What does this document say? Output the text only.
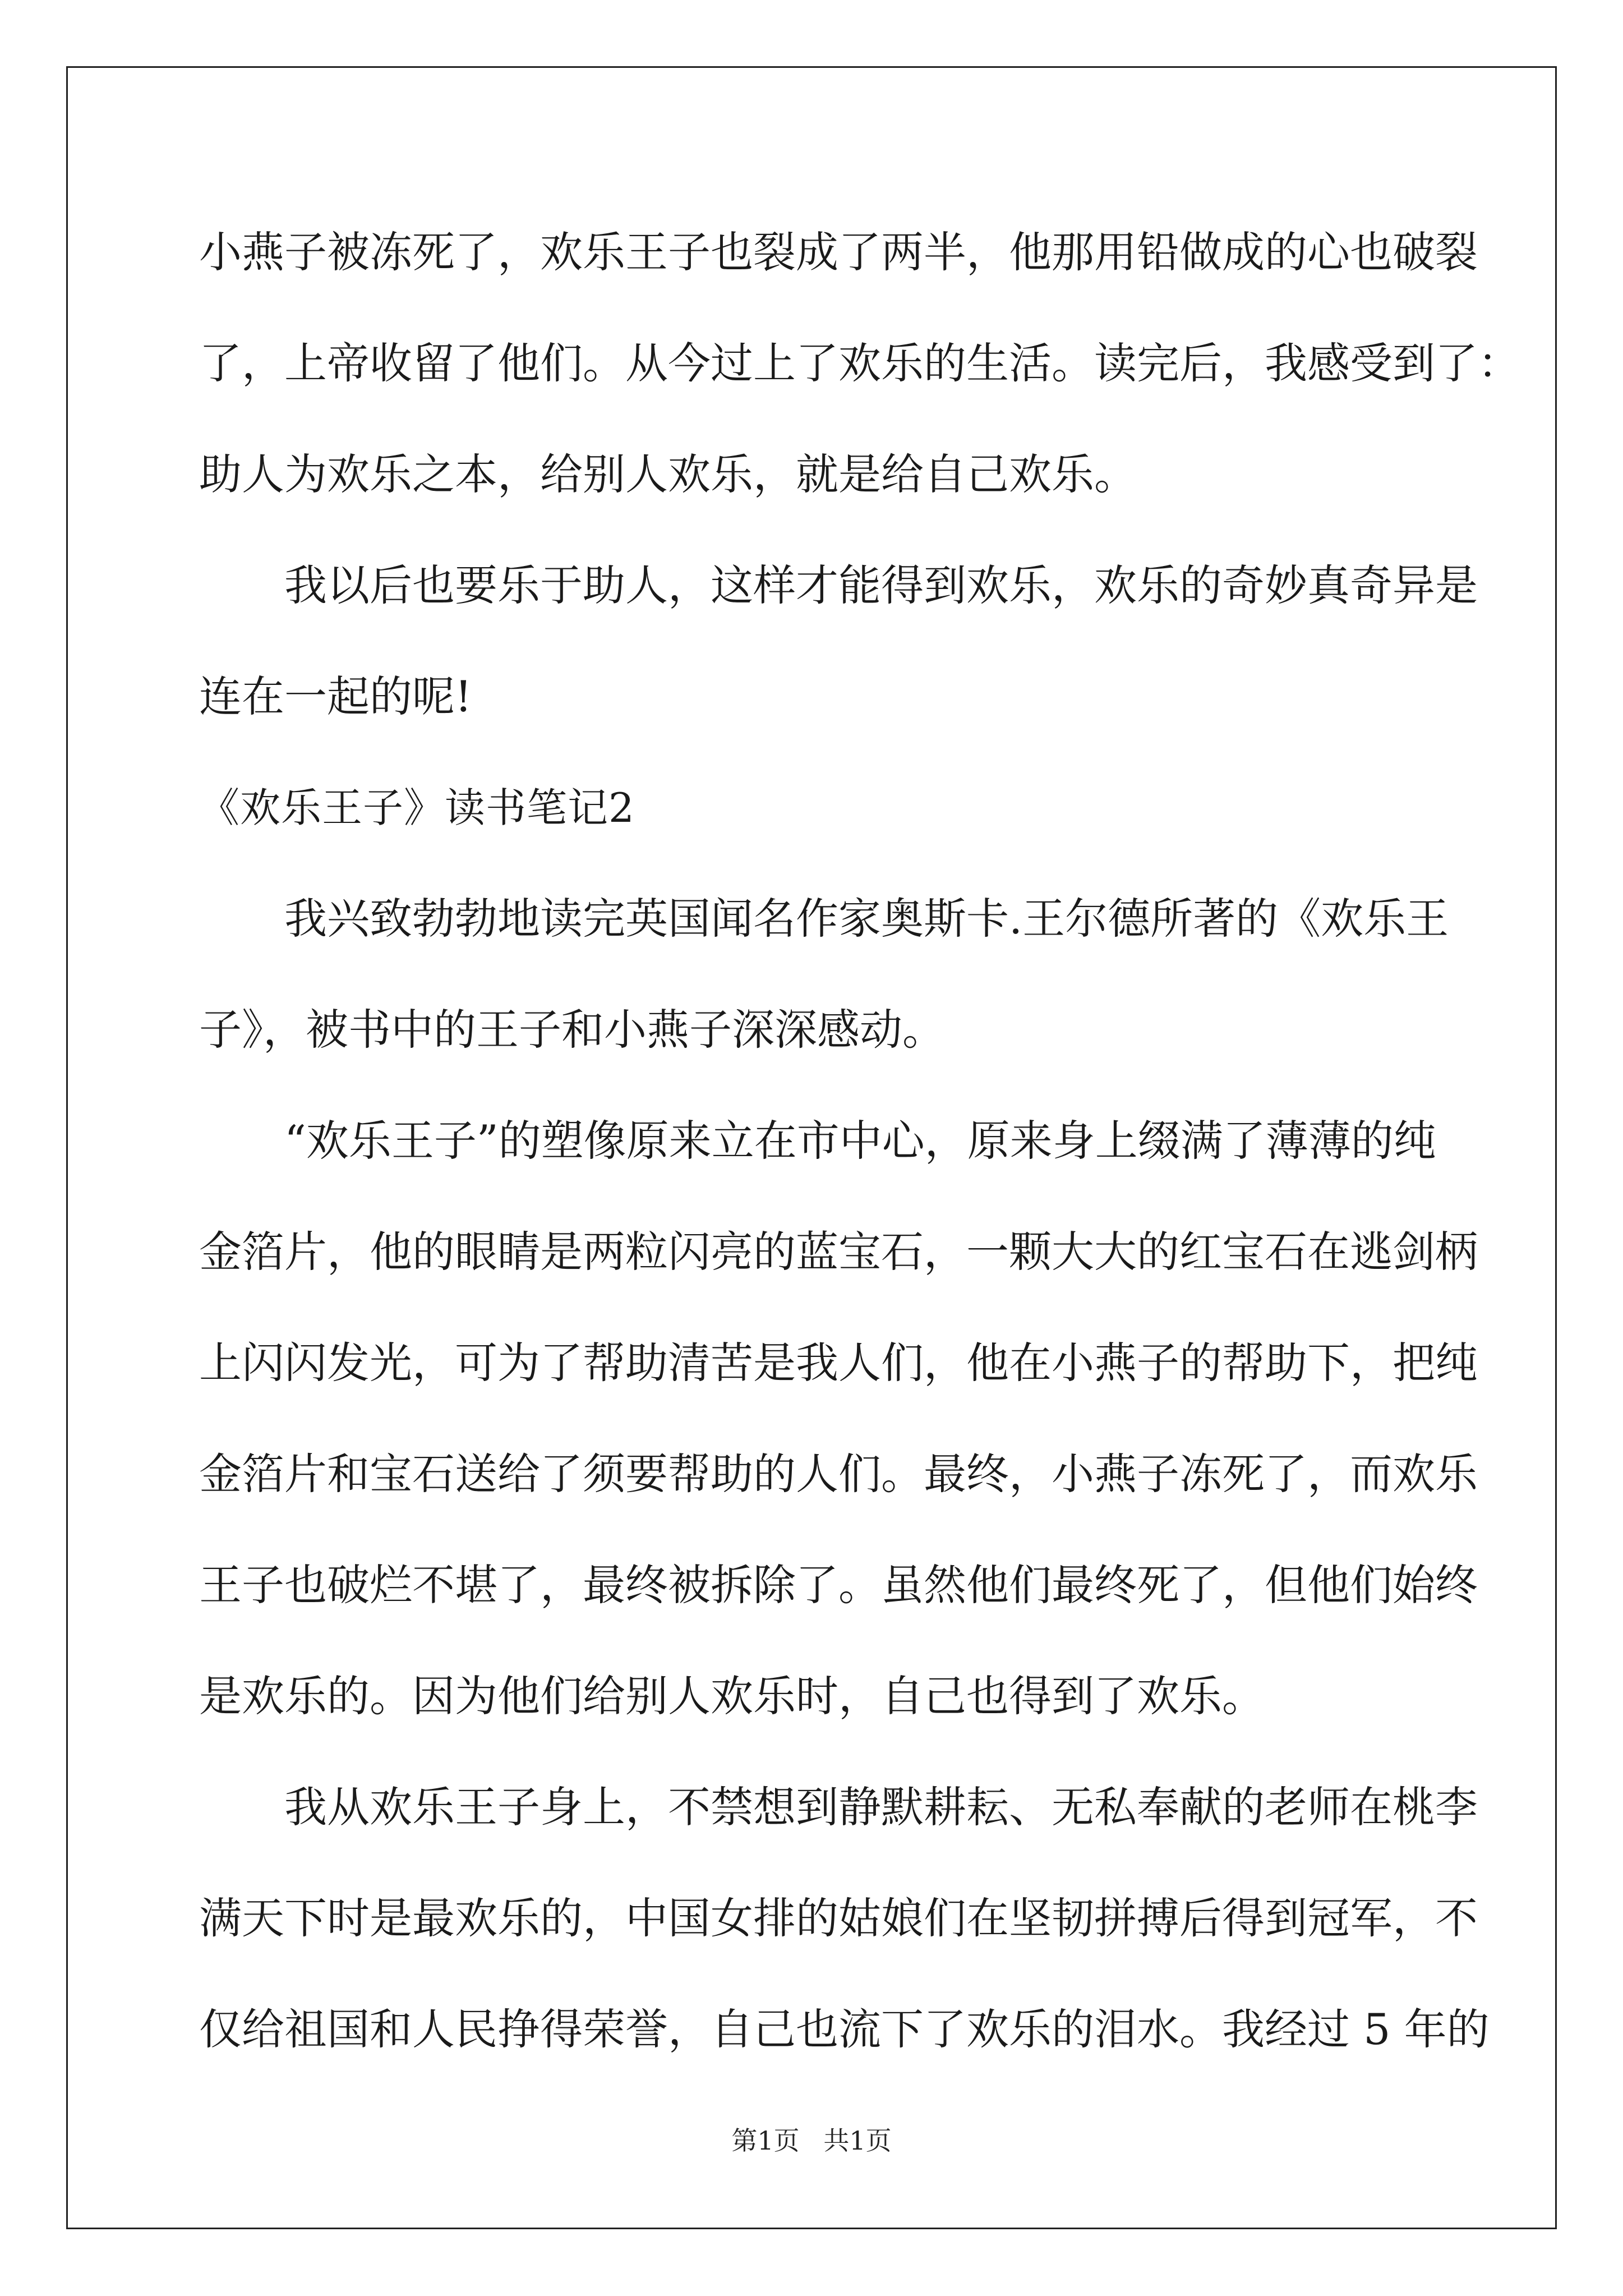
小燕子被冻死了，欢乐王子也裂成了两半，他那用铅做成的心也破裂
了，上帝收留了他们。从今过上了欢乐的生活。读完后，我感受到了：
助人为欢乐之本，给别人欢乐，就是给自己欢乐。
我以后也要乐于助人，这样才能得到欢乐，欢乐的奇妙真奇异是
连在一起的呢!
《欢乐王子》读书笔记2
我兴致勃勃地读完英国闻名作家奥斯卡.王尔德所著的《欢乐王
子》，被书中的王子和小燕子深深感动。
“欢乐王子”的塑像原来立在市中心，原来身上缀满了薄薄的纯
金箔片，他的眼睛是两粒闪亮的蓝宝石，一颗大大的红宝石在逃剑柄
上闪闪发光，可为了帮助清苦是我人们，他在小燕子的帮助下，把纯
金箔片和宝石送给了须要帮助的人们。最终，小燕子冻死了，而欢乐
王子也破烂不堪了，最终被拆除了。虽然他们最终死了，但他们始终
是欢乐的。因为他们给别人欢乐时，自己也得到了欢乐。
我从欢乐王子身上，不禁想到静默耕耘、无私奉献的老师在桃李
满天下时是最欢乐的，中国女排的姑娘们在坚韧拼搏后得到冠军，不
仅给祖国和人民挣得荣誉，自己也流下了欢乐的泪水。我经过 5 年的
第1页 共1页
